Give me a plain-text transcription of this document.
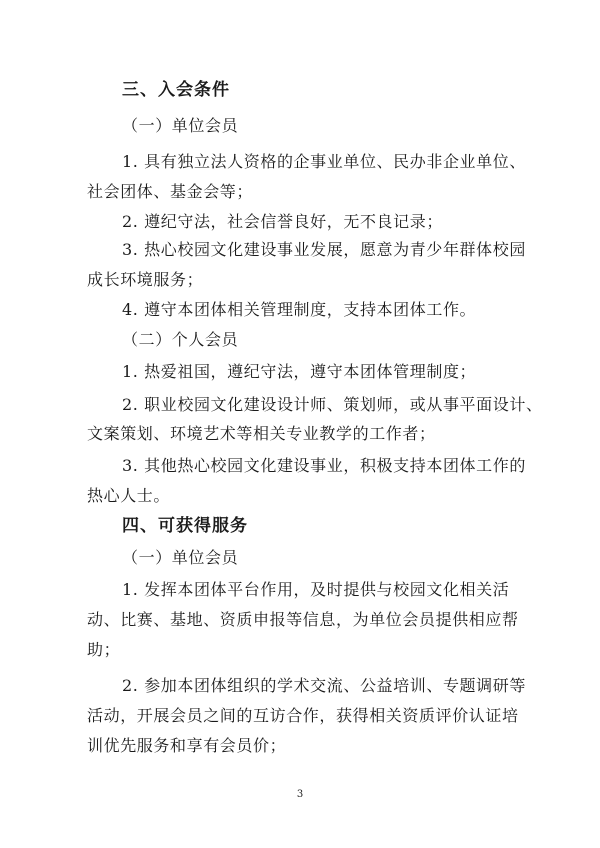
三、入会条件
（一）单位会员
1. 具有独立法人资格的企事业单位、民办非企业单位、
社会团体、基金会等；
2. 遵纪守法，社会信誉良好，无不良记录；
3. 热心校园文化建设事业发展，愿意为青少年群体校园
成长环境服务；
4. 遵守本团体相关管理制度，支持本团体工作。
（二）个人会员
1. 热爱祖国，遵纪守法，遵守本团体管理制度；
2. 职业校园文化建设设计师、策划师，或从事平面设计、
文案策划、环境艺术等相关专业教学的工作者；
3. 其他热心校园文化建设事业，积极支持本团体工作的
热心人士。
四、可获得服务
（一）单位会员
1. 发挥本团体平台作用，及时提供与校园文化相关活
动、比赛、基地、资质申报等信息，为单位会员提供相应帮
助；
2. 参加本团体组织的学术交流、公益培训、专题调研等
活动，开展会员之间的互访合作，获得相关资质评价认证培
训优先服务和享有会员价；
3
